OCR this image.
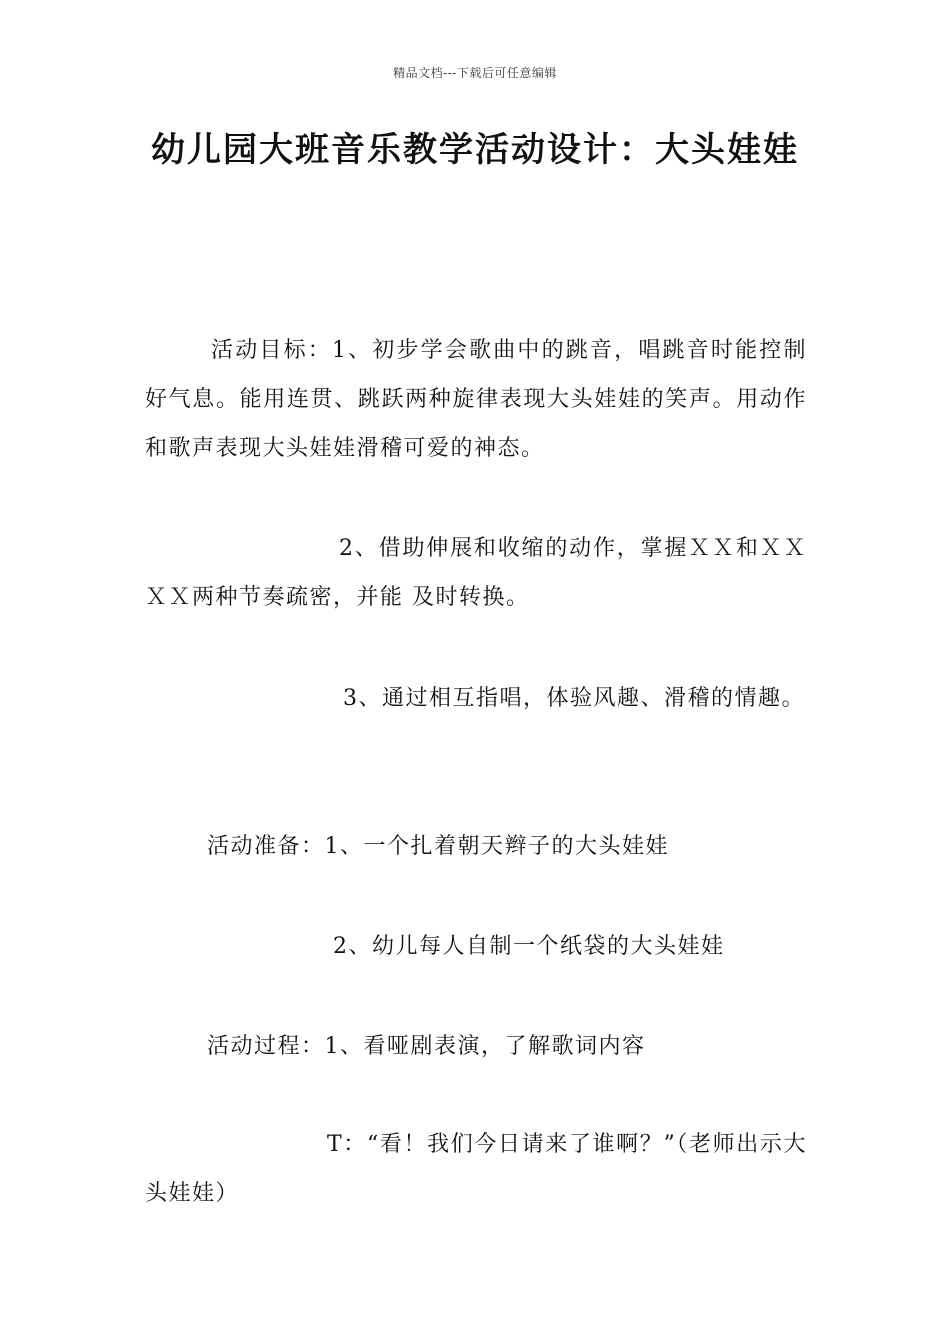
精品文档---下载后可任意编辑
幼儿园大班音乐教学活动设计：大头娃娃

活动目标：1、初步学会歌曲中的跳音，唱跳音时能控制好气息。能用连贯、跳跃两种旋律表现大头娃娃的笑声。用动作和歌声表现大头娃娃滑稽可爱的神态。

2、借助伸展和收缩的动作，掌握ＸＸ和ＸＸ ＸＸ两种节奏疏密，并能 及时转换。

3、通过相互指唱，体验风趣、滑稽的情趣。

活动准备：1、一个扎着朝天辫子的大头娃娃

2、幼儿每人自制一个纸袋的大头娃娃

活动过程：1、看哑剧表演，了解歌词内容

T：“看！我们今日请来了谁啊？”（老师出示大头娃娃）
